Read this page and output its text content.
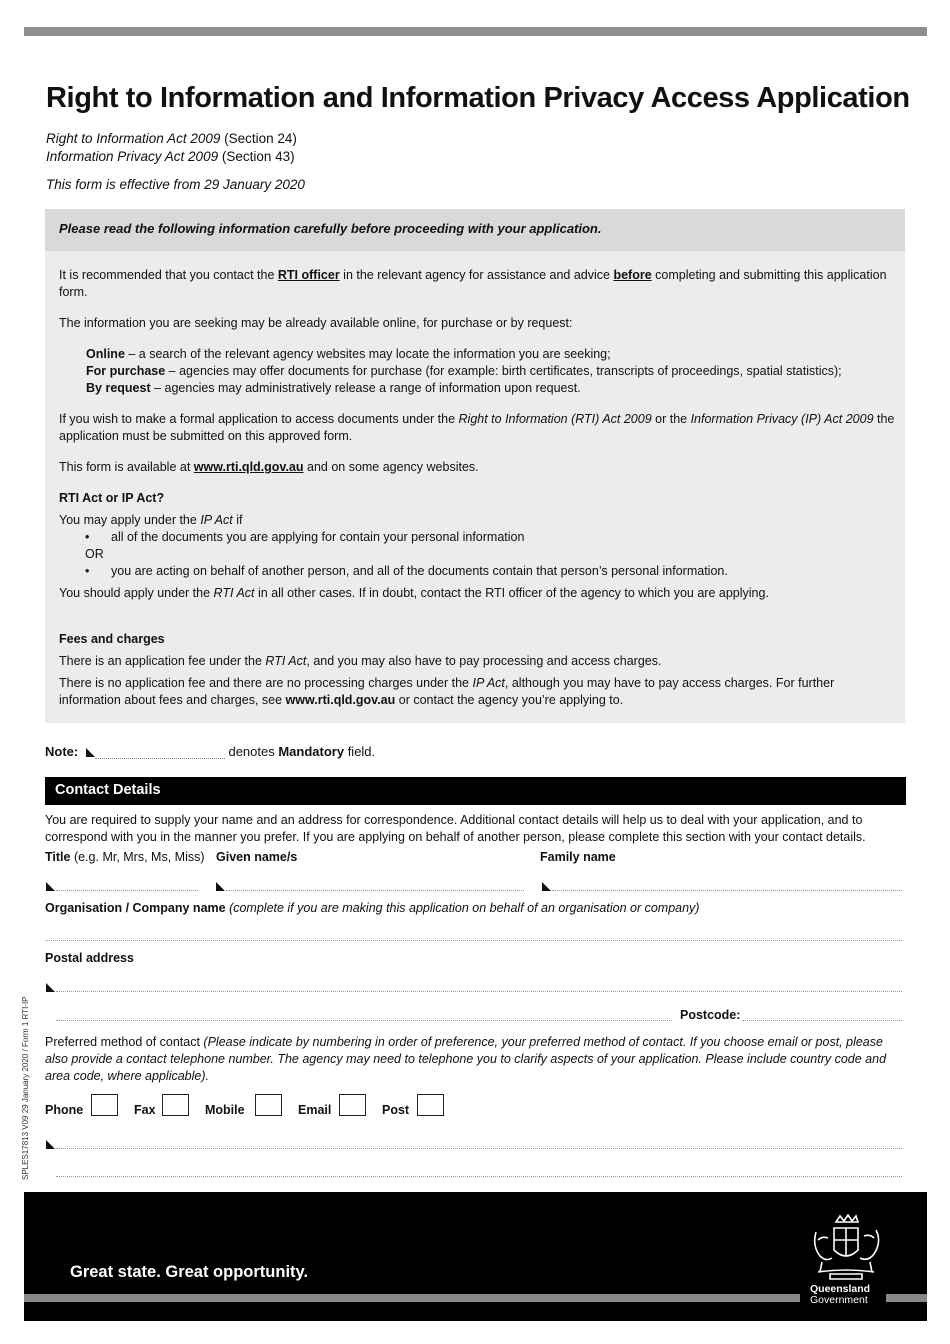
Right to Information and Information Privacy Access Application
Right to Information Act 2009 (Section 24)
Information Privacy Act 2009 (Section 43)
This form is effective from 29 January 2020
Please read the following information carefully before proceeding with your application.
It is recommended that you contact the RTI officer in the relevant agency for assistance and advice before completing and submitting this application form.
The information you are seeking may be already available online, for purchase or by request:
Online – a search of the relevant agency websites may locate the information you are seeking;
For purchase – agencies may offer documents for purchase (for example: birth certificates, transcripts of proceedings, spatial statistics);
By request – agencies may administratively release a range of information upon request.
If you wish to make a formal application to access documents under the Right to Information (RTI) Act 2009 or the Information Privacy (IP) Act 2009 the application must be submitted on this approved form.
This form is available at www.rti.qld.gov.au and on some agency websites.
RTI Act or IP Act?
You may apply under the IP Act if
• all of the documents you are applying for contain your personal information
OR
• you are acting on behalf of another person, and all of the documents contain that person’s personal information.
You should apply under the RTI Act in all other cases. If in doubt, contact the RTI officer of the agency to which you are applying.
Fees and charges
There is an application fee under the RTI Act, and you may also have to pay processing and access charges.
There is no application fee and there are no processing charges under the IP Act, although you may have to pay access charges. For further information about fees and charges, see www.rti.qld.gov.au or contact the agency you’re applying to.
Note:	denotes Mandatory field.
Contact Details
You are required to supply your name and an address for correspondence. Additional contact details will help us to deal with your application, and to correspond with you in the manner you prefer. If you are applying on behalf of another person, please complete this section with your contact details.
Title (e.g. Mr, Mrs, Ms, Miss) Given name/s	Family name
Organisation / Company name (complete if you are making this application on behalf of an organisation or company)
Postal address
Postcode:
Preferred method of contact (Please indicate by numbering in order of preference, your preferred method of contact. If you choose email or post, please also provide a contact telephone number. The agency may need to telephone you to clarify aspects of your application. Please include country code and area code, where applicable).
Phone	Fax	Mobile	Email	Post
SPLES17813 V09 29 January 2020 / Form 1 RTI-IP
Great state. Great opportunity.
Queensland
Government
